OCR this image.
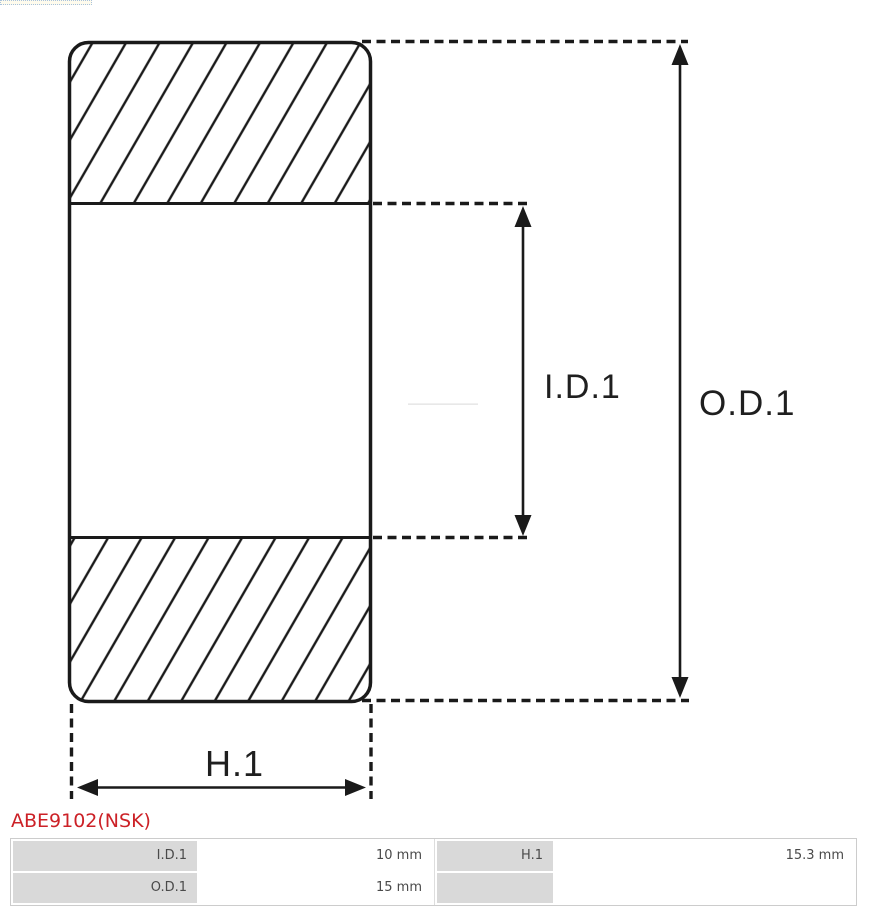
I.D.1 O.D.1
H.1
ABE9102(NSK)
I.D.1	10 mm
O.D.1	15 mm
H.1	15.3 mm
